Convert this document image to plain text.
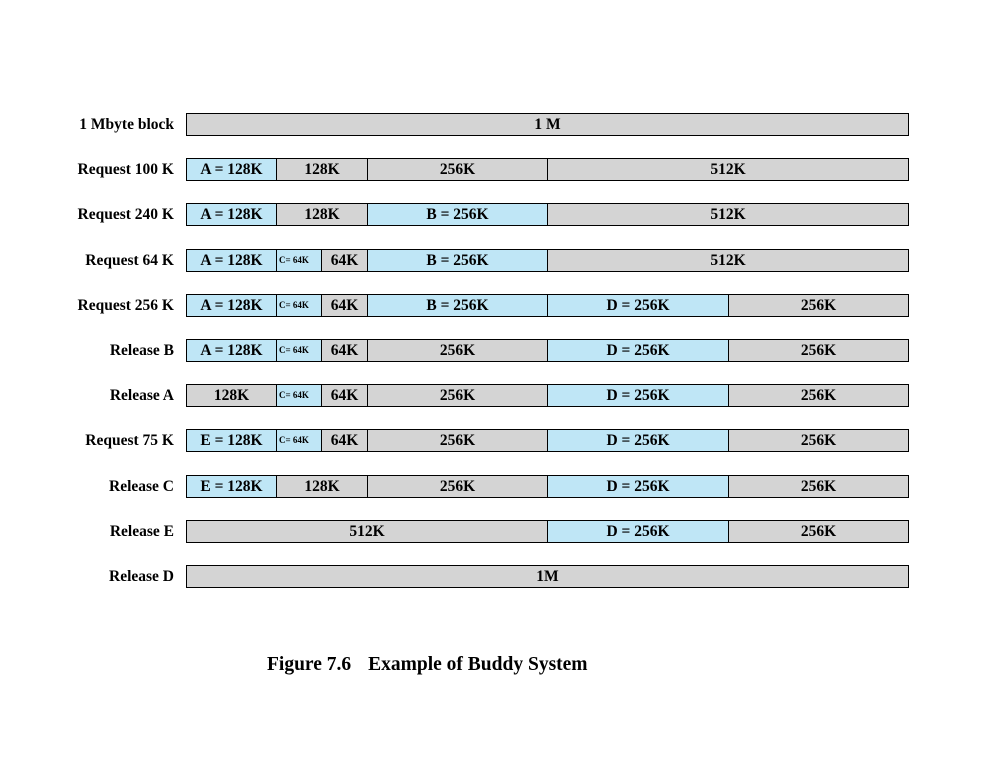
1 Mbyte block	1 M
Request 100 K	A = 128K	128K	256K	512K
Request 240 K	A = 128K	128K	B = 256K	512K
Request 64 K	A = 128K	C= 64K	64K	B = 256K	512K
Request 256 K	A = 128K	C= 64K	64K	B = 256K	D = 256K	256K
Release B	A = 128K	C= 64K	64K	256K	D = 256K	256K
Release A	128K	C= 64K	64K	256K	D = 256K	256K
Request 75 K	E = 128K	C= 64K	64K	256K	D = 256K	256K
Release C	E = 128K	128K	256K	D = 256K	256K
Release E	512K	D = 256K	256K
Release D	1M
Figure 7.6 Example of Buddy System
